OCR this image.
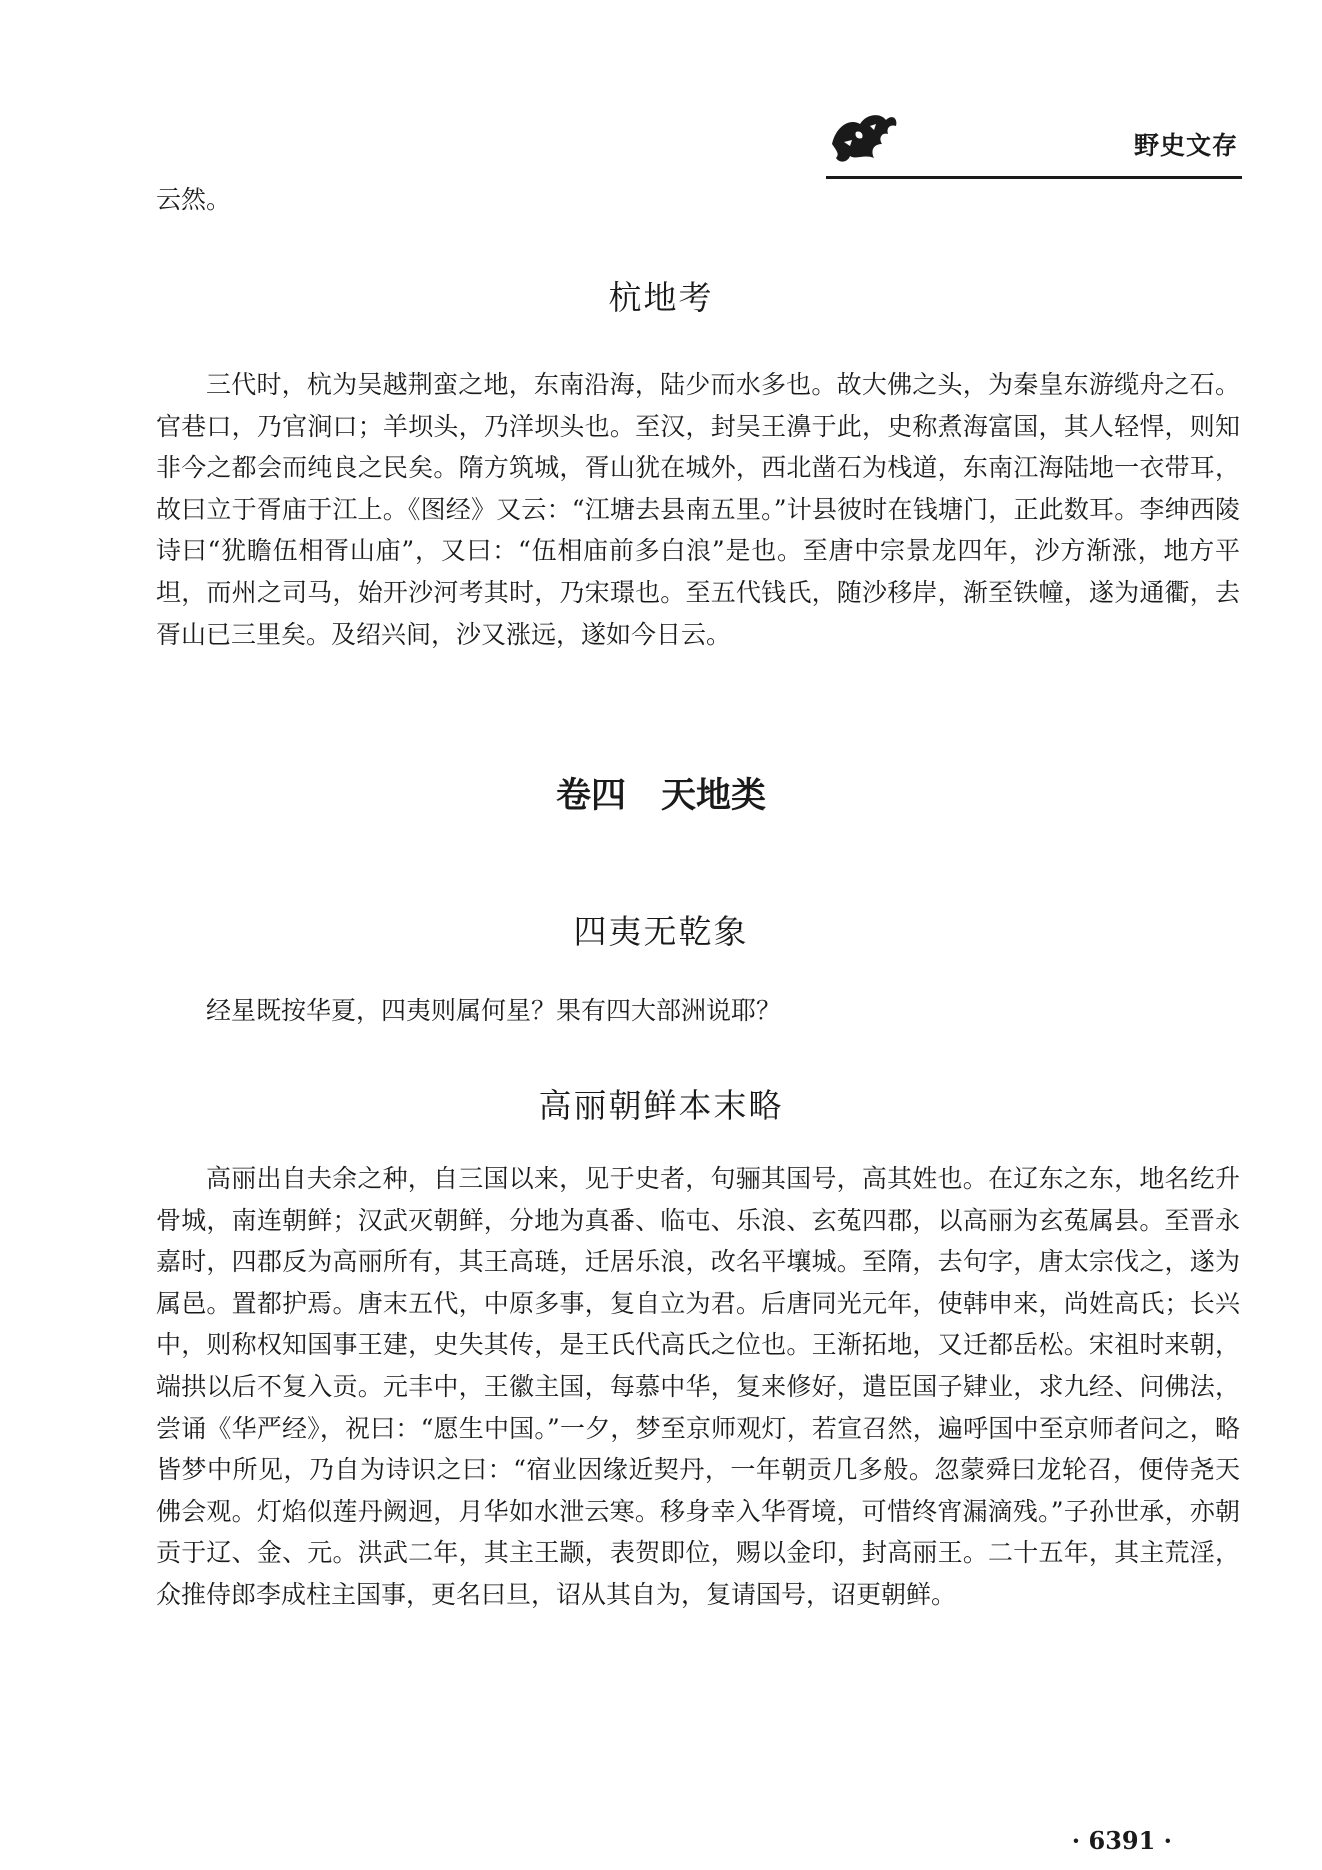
野史文存
云然。
杭地考
三代时，杭为吴越荆蛮之地，东南沿海，陆少而水多也。故大佛之头，为秦皇东游缆舟之石。官巷口，乃官涧口；羊坝头，乃洋坝头也。至汉，封吴王濞于此，史称煮海富国，其人轻悍，则知非今之都会而纯良之民矣。隋方筑城，胥山犹在城外，西北凿石为栈道，东南江海陆地一衣带耳，故曰立于胥庙于江上。《图经》又云：“江塘去县南五里。”计县彼时在钱塘门，正此数耳。李绅西陵诗曰“犹瞻伍相胥山庙”，又曰：“伍相庙前多白浪”是也。至唐中宗景龙四年，沙方渐涨，地方平坦，而州之司马，始开沙河考其时，乃宋璟也。至五代钱氏，随沙移岸，渐至铁幢，遂为通衢，去胥山已三里矣。及绍兴间，沙又涨远，遂如今日云。
卷四　天地类
四夷无乾象
经星既按华夏，四夷则属何星？果有四大部洲说耶？
高丽朝鲜本末略
高丽出自夫余之种，自三国以来，见于史者，句骊其国号，高其姓也。在辽东之东，地名纥升骨城，南连朝鲜；汉武灭朝鲜，分地为真番、临屯、乐浪、玄菟四郡，以高丽为玄菟属县。至晋永嘉时，四郡反为高丽所有，其王高琏，迁居乐浪，改名平壤城。至隋，去句字，唐太宗伐之，遂为属邑。置都护焉。唐末五代，中原多事，复自立为君。后唐同光元年，使韩申来，尚姓高氏；长兴中，则称权知国事王建，史失其传，是王氏代高氏之位也。王渐拓地，又迁都岳松。宋祖时来朝，端拱以后不复入贡。元丰中，王徽主国，每慕中华，复来修好，遣臣国子肄业，求九经、问佛法，尝诵《华严经》，祝曰：“愿生中国。”一夕，梦至京师观灯，若宣召然，遍呼国中至京师者问之，略皆梦中所见，乃自为诗识之曰：“宿业因缘近契丹，一年朝贡几多般。忽蒙舜曰龙轮召，便侍尧天佛会观。灯焰似莲丹阙迥，月华如水泄云寒。移身幸入华胥境，可惜终宵漏滴残。”子孙世承，亦朝贡于辽、金、元。洪武二年，其主王颛，表贺即位，赐以金印，封高丽王。二十五年，其主荒淫，众推侍郎李成柱主国事，更名曰旦，诏从其自为，复请国号，诏更朝鲜。
· 6391 ·
